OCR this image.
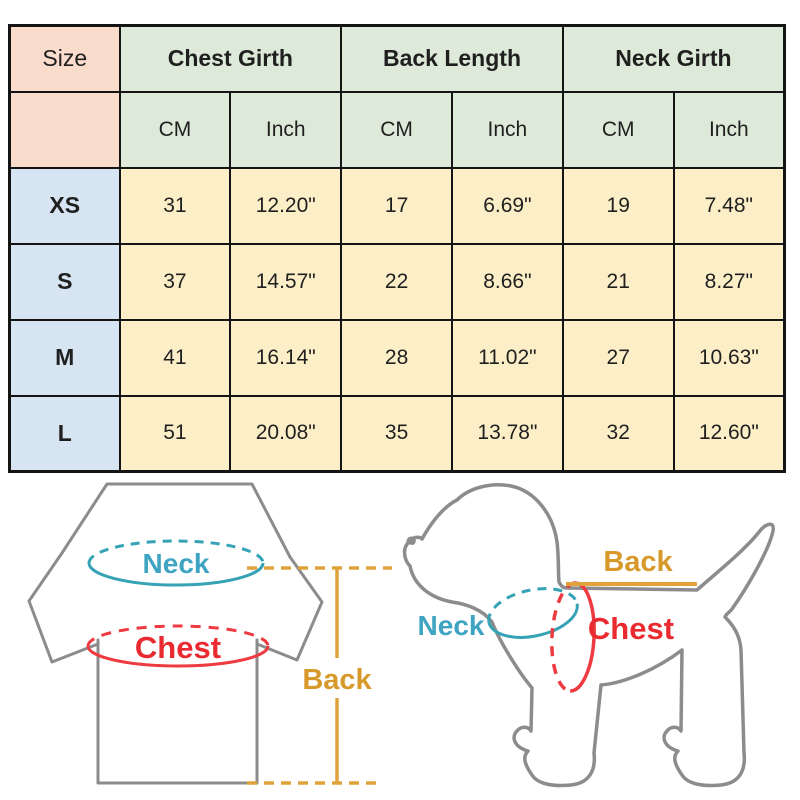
Size	Chest Girth		Back Length		Neck Girth	
	CM	Inch	CM	Inch	CM	Inch
XS	31	12.20"	17	6.69"	19	7.48"
S	37	14.57"	22	8.66"	21	8.27"
M	41	16.14"	28	11.02"	27	10.63"
L	51	20.08"	35	13.78"	32	12.60"
Neck
Chest
Back
Back
Neck	Chest
